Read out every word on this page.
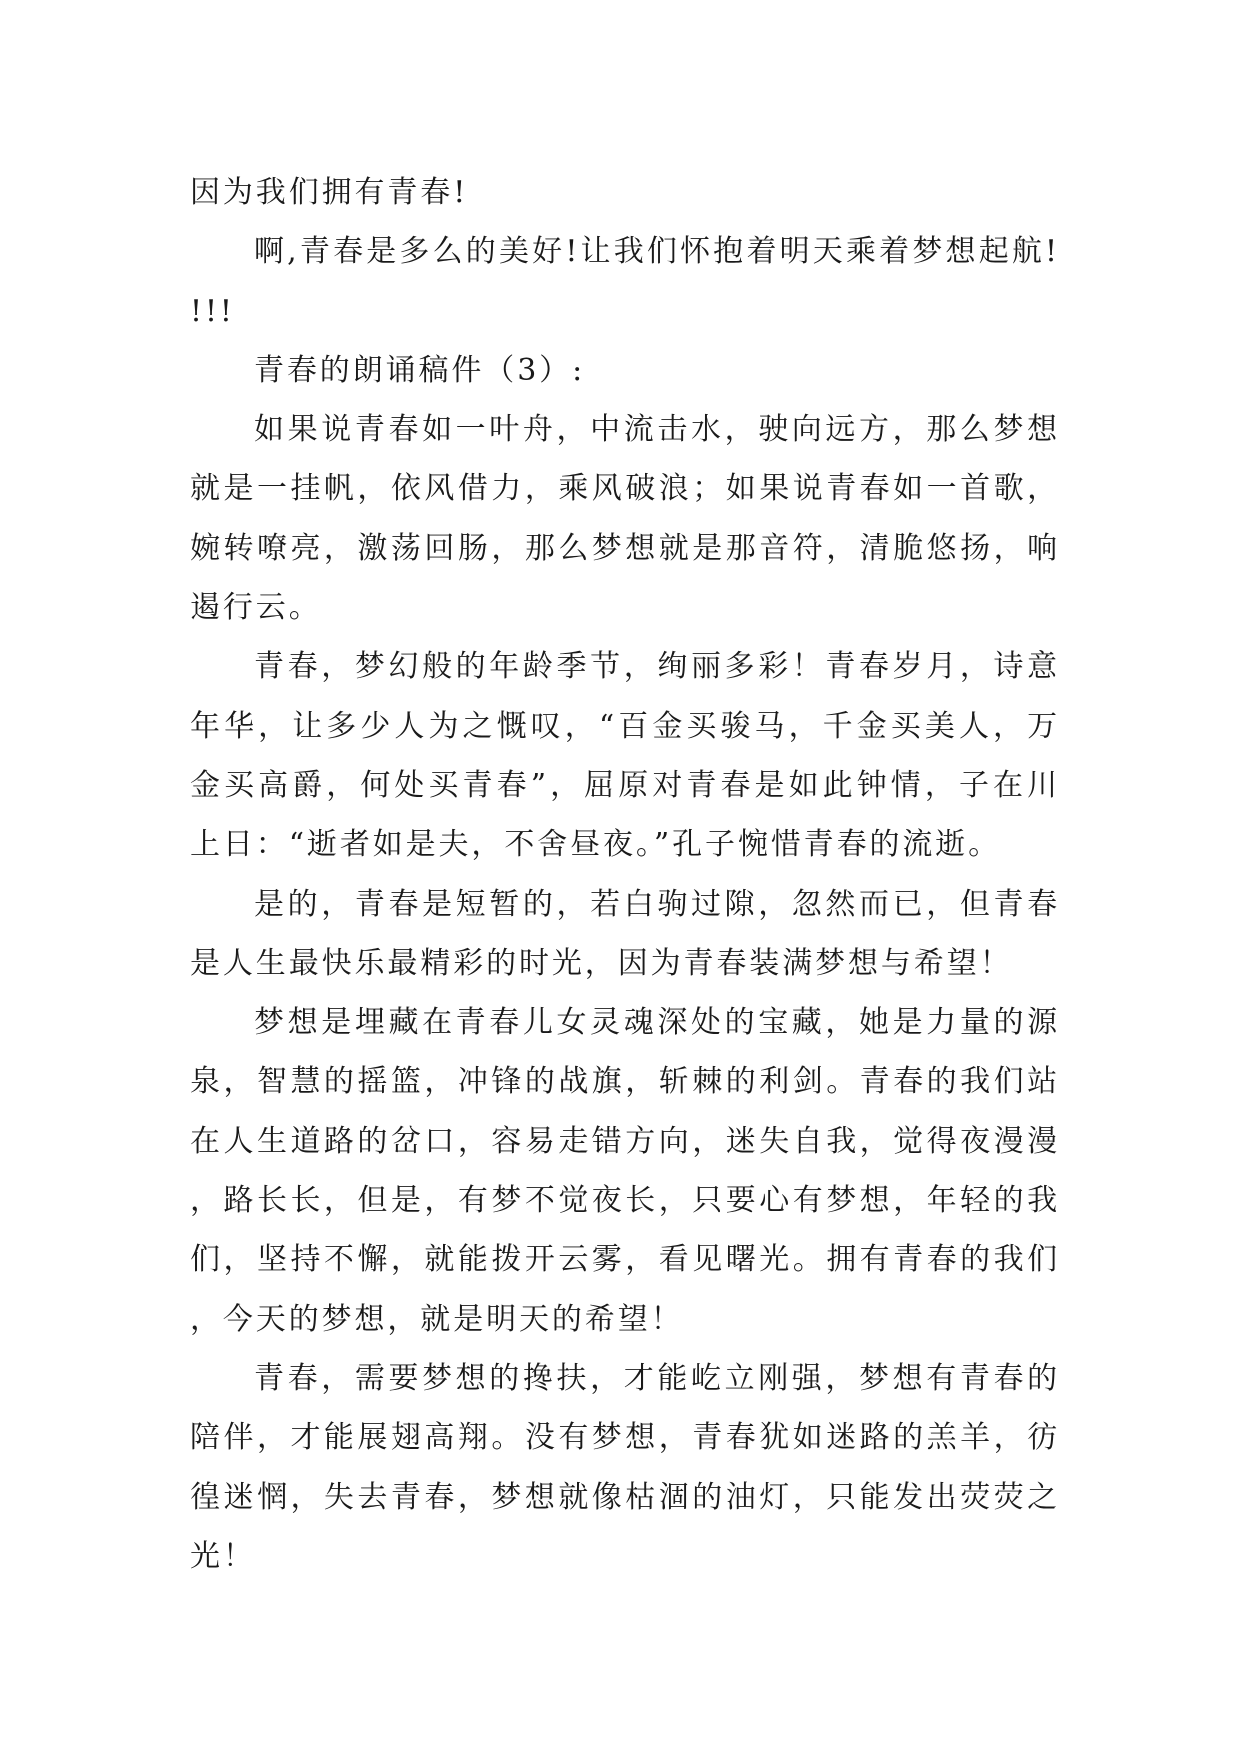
因为我们拥有青春!

啊,青春是多么的美好!让我们怀抱着明天乘着梦想起航!!!!

青春的朗诵稿件（3）:

如果说青春如一叶舟，中流击水，驶向远方，那么梦想就是一挂帆，依风借力，乘风破浪；如果说青春如一首歌，婉转嘹亮，激荡回肠，那么梦想就是那音符，清脆悠扬，响遏行云。

青春，梦幻般的年龄季节，绚丽多彩！青春岁月，诗意年华，让多少人为之慨叹，“百金买骏马，千金买美人，万金买高爵，何处买青春”，屈原对青春是如此钟情，子在川上日：“逝者如是夫，不舍昼夜。”孔子惋惜青春的流逝。

是的，青春是短暂的，若白驹过隙，忽然而已，但青春是人生最快乐最精彩的时光，因为青春装满梦想与希望！

梦想是埋藏在青春儿女灵魂深处的宝藏，她是力量的源泉，智慧的摇篮，冲锋的战旗，斩棘的利剑。青春的我们站在人生道路的岔口，容易走错方向，迷失自我，觉得夜漫漫，路长长，但是，有梦不觉夜长，只要心有梦想，年轻的我们，坚持不懈，就能拨开云雾，看见曙光。拥有青春的我们，今天的梦想，就是明天的希望！

青春，需要梦想的搀扶，才能屹立刚强，梦想有青春的陪伴，才能展翅高翔。没有梦想，青春犹如迷路的羔羊，彷徨迷惘，失去青春，梦想就像枯涸的油灯，只能发出荧荧之光！
